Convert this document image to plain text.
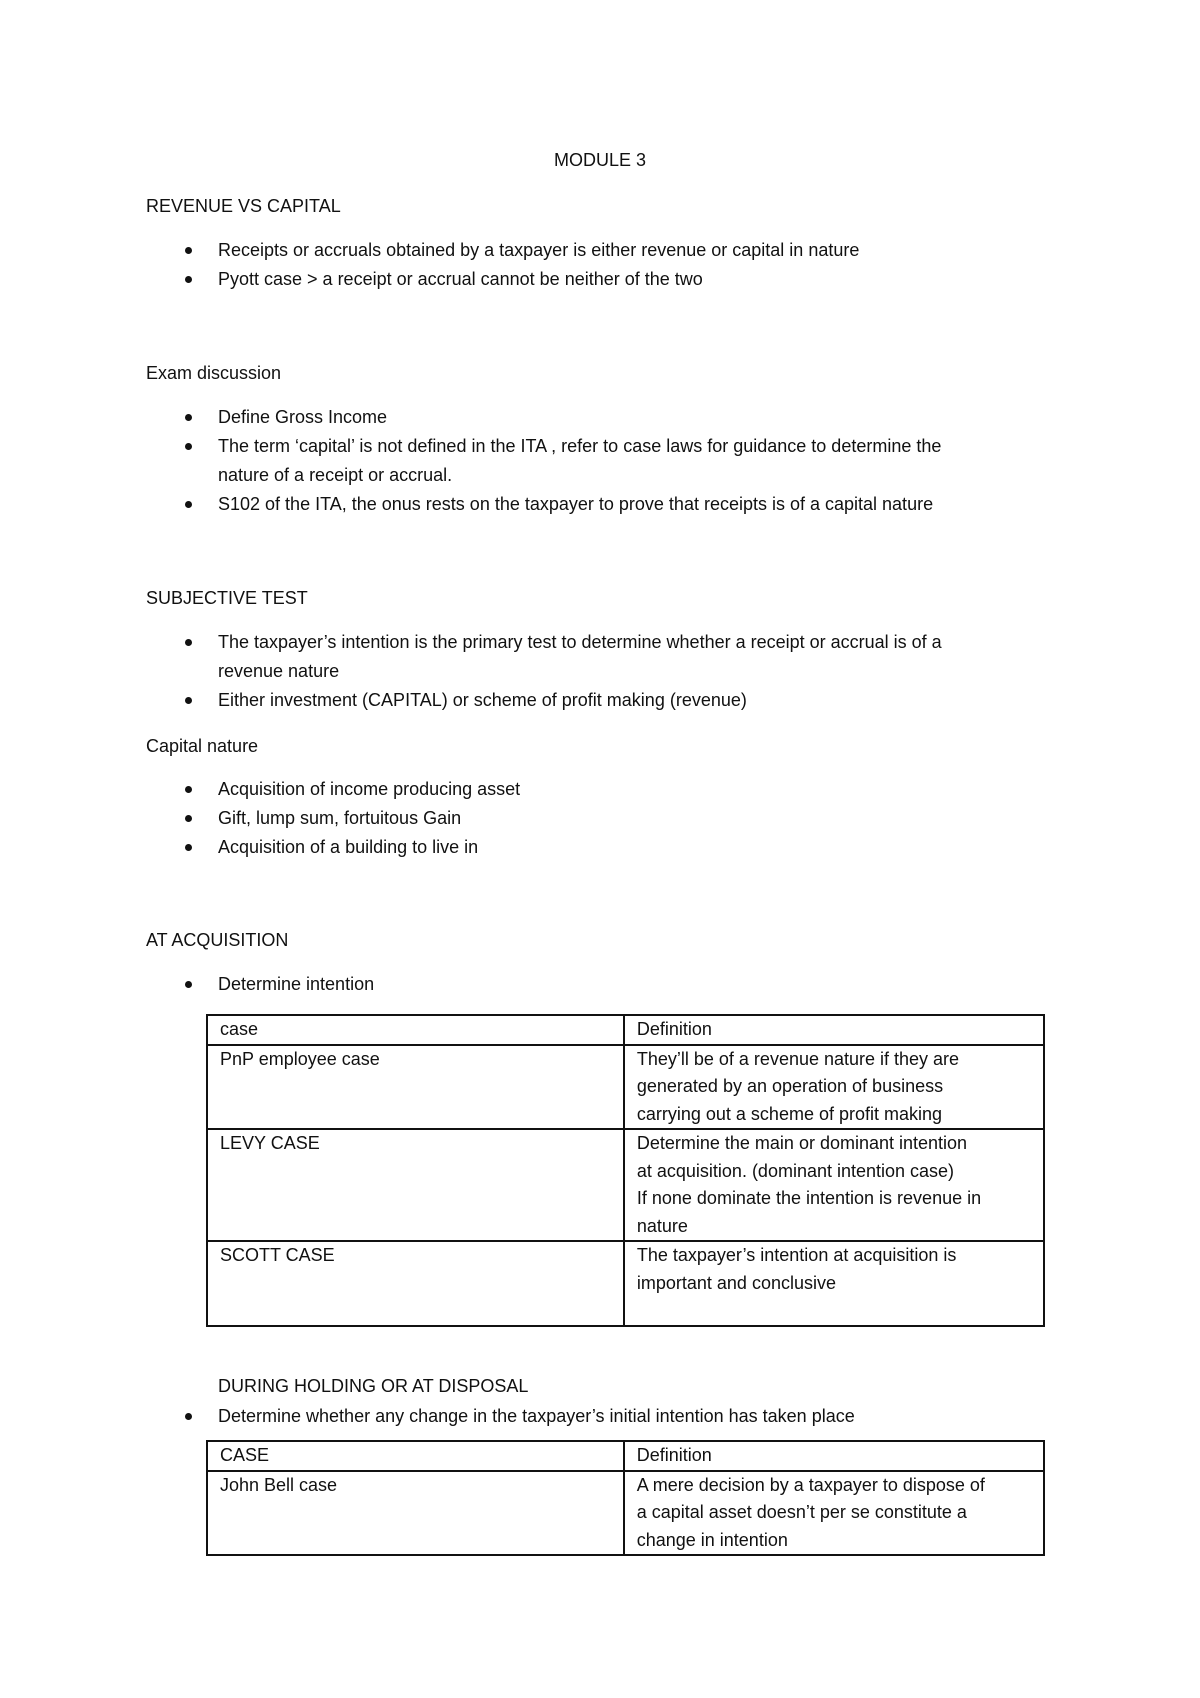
MODULE 3
REVENUE VS CAPITAL
Receipts or accruals obtained by a taxpayer is either revenue or capital in nature
Pyott case > a receipt or accrual cannot be neither of the two
Exam discussion
Define Gross Income
The term ‘capital’ is not defined in the ITA , refer to case laws for guidance to determine the
nature of a receipt or accrual.
S102 of the ITA, the onus rests on the taxpayer to prove that receipts is of a capital nature
SUBJECTIVE TEST
The taxpayer’s intention is the primary test to determine whether a receipt or accrual is of a
revenue nature
Either investment (CAPITAL) or scheme of profit making (revenue)
Capital nature
Acquisition of income producing asset
Gift, lump sum, fortuitous Gain
Acquisition of a building to live in
AT ACQUISITION
Determine intention
case	Definition
PnP employee case	They’ll be of a revenue nature if they are
generated by an operation of business
carrying out a scheme of profit making

LEVY CASE	Determine the main or dominant intention
at acquisition. (dominant intention case)
If none dominate the intention is revenue in
nature

SCOTT CASE	The taxpayer’s intention at acquisition is
important and conclusive
DURING HOLDING OR AT DISPOSAL
Determine whether any change in the taxpayer’s initial intention has taken place
CASE	Definition
John Bell case	A mere decision by a taxpayer to dispose of
a capital asset doesn’t per se constitute a
change in intention
